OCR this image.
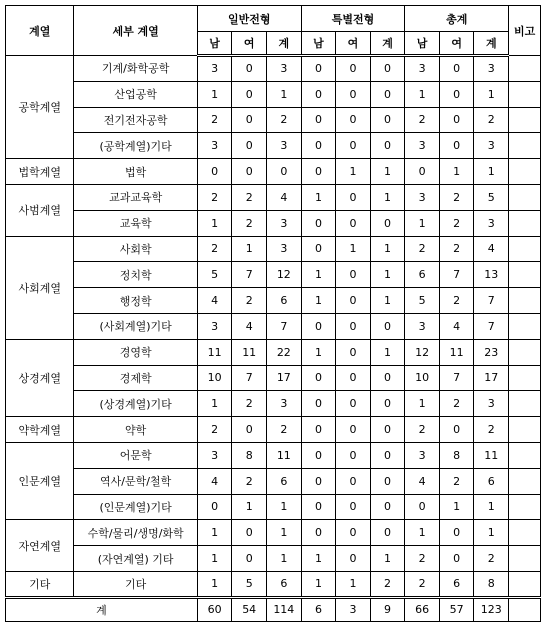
계열	세부 계열	일반전형			특별전형			총계			비고
		남	여	계	남	여	계	남	여	계	
공학계열	기계/화학공학	3	0	3	0	0	0	3	0	3	
	산업공학	1	0	1	0	0	0	1	0	1	
	전기전자공학	2	0	2	0	0	0	2	0	2	
	(공학계열)기타	3	0	3	0	0	0	3	0	3	
법학계열	법학	0	0	0	0	1	1	0	1	1	
사범계열	교과교육학	2	2	4	1	0	1	3	2	5	
	교육학	1	2	3	0	0	0	1	2	3	
사회계열	사회학	2	1	3	0	1	1	2	2	4	
	정치학	5	7	12	1	0	1	6	7	13	
	행정학	4	2	6	1	0	1	5	2	7	
	(사회계열)기타	3	4	7	0	0	0	3	4	7	
상경계열	경영학	11	11	22	1	0	1	12	11	23	
	경제학	10	7	17	0	0	0	10	7	17	
	(상경계열)기타	1	2	3	0	0	0	1	2	3	
약학계열	약학	2	0	2	0	0	0	2	0	2	
인문계열	어문학	3	8	11	0	0	0	3	8	11	
	역사/문학/철학	4	2	6	0	0	0	4	2	6	
	(인문계열)기타	0	1	1	0	0	0	0	1	1	
자연계열	수학/물리/생명/화학	1	0	1	0	0	0	1	0	1	
	(자연계열) 기타	1	0	1	1	0	1	2	0	2	
기타	기타	1	5	6	1	1	2	2	6	8	
계		60	54	114	6	3	9	66	57	123	
